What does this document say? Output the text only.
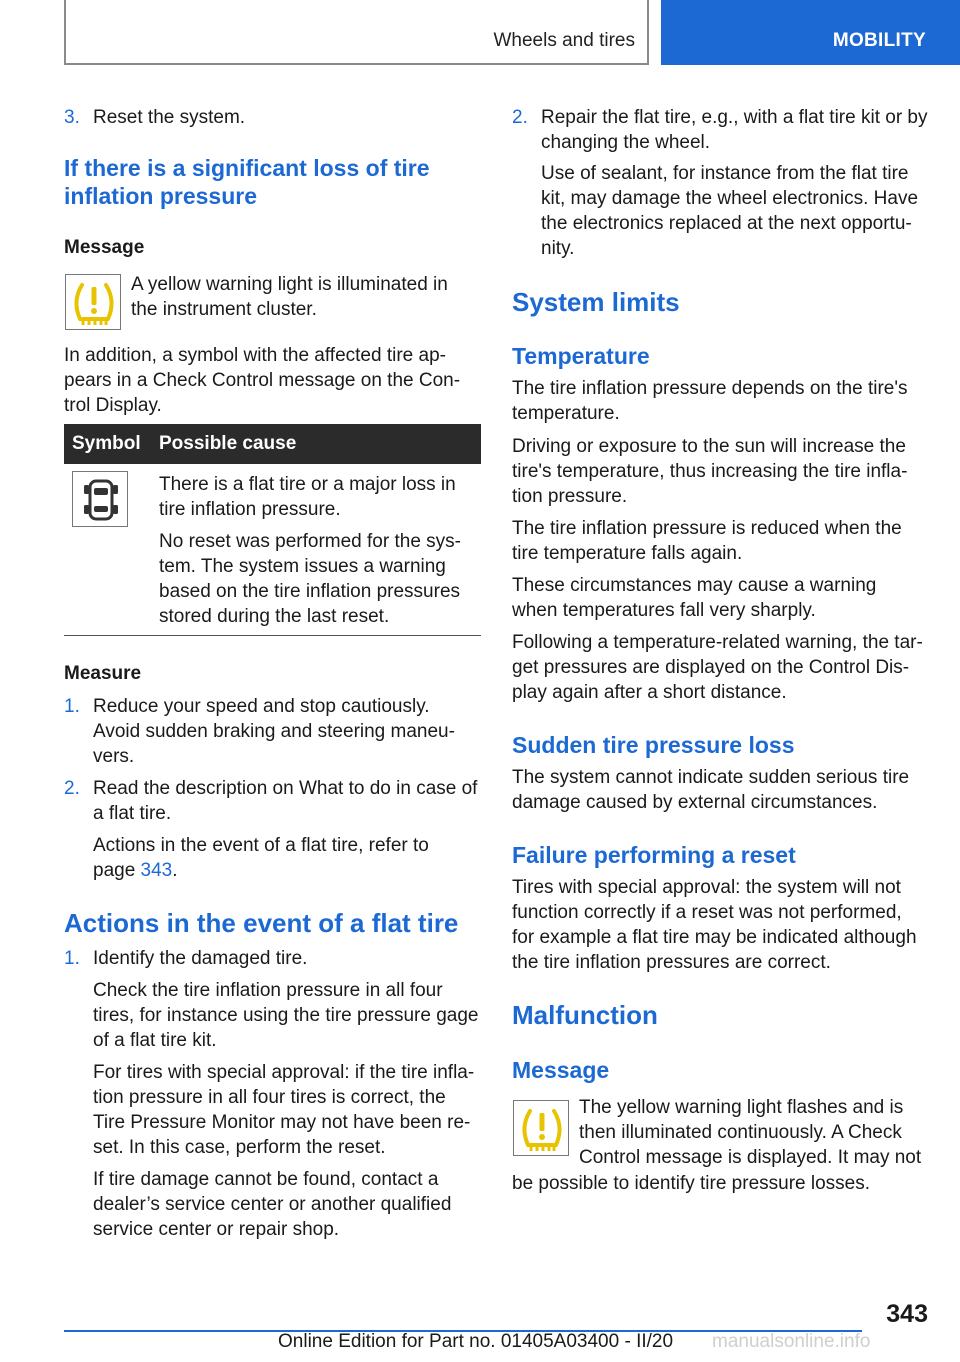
Wheels and tires	MOBILITY
3. Reset the system.
If there is a significant loss of tire
inflation pressure
Message
A yellow warning light is illuminated in
the instrument cluster.
In addition, a symbol with the affected tire ap-
pears in a Check Control message on the Con-
trol Display.
Symbol Possible cause
There is a flat tire or a major loss in
tire inflation pressure.
No reset was performed for the sys-
tem. The system issues a warning
based on the tire inflation pressures
stored during the last reset.
Measure
1. Reduce your speed and stop cautiously.
Avoid sudden braking and steering maneu-
vers.
2. Read the description on What to do in case of
a flat tire.
Actions in the event of a flat tire, refer to
page 343.
Actions in the event of a flat tire
1. Identify the damaged tire.
Check the tire inflation pressure in all four
tires, for instance using the tire pressure gage
of a flat tire kit.
For tires with special approval: if the tire infla-
tion pressure in all four tires is correct, the
Tire Pressure Monitor may not have been re-
set. In this case, perform the reset.
If tire damage cannot be found, contact a
dealer’s service center or another qualified
service center or repair shop.
2. Repair the flat tire, e.g., with a flat tire kit or by
changing the wheel.
Use of sealant, for instance from the flat tire
kit, may damage the wheel electronics. Have
the electronics replaced at the next opportu-
nity.
System limits
Temperature
The tire inflation pressure depends on the tire's
temperature.
Driving or exposure to the sun will increase the
tire's temperature, thus increasing the tire infla-
tion pressure.
The tire inflation pressure is reduced when the
tire temperature falls again.
These circumstances may cause a warning
when temperatures fall very sharply.
Following a temperature-related warning, the tar-
get pressures are displayed on the Control Dis-
play again after a short distance.
Sudden tire pressure loss
The system cannot indicate sudden serious tire
damage caused by external circumstances.
Failure performing a reset
Tires with special approval: the system will not
function correctly if a reset was not performed,
for example a flat tire may be indicated although
the tire inflation pressures are correct.
Malfunction
Message
The yellow warning light flashes and is
then illuminated continuously. A Check
Control message is displayed. It may not
be possible to identify tire pressure losses.
343
Online Edition for Part no. 01405A03400 - II/20 manualsonline.info
